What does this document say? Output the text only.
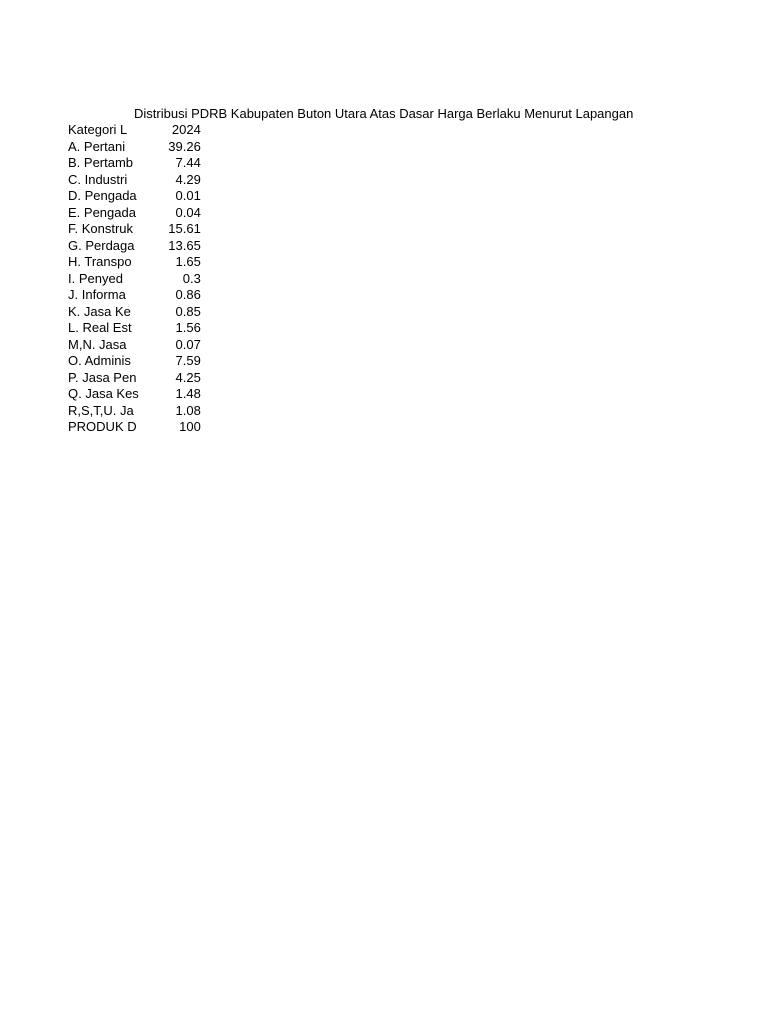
Distribusi PDRB Kabupaten Buton Utara Atas Dasar Harga Berlaku Menurut Lapangan
Kategori L	2024
A. Pertani	39.26
B. Pertamb	7.44
C. Industri	4.29
D. Pengada	0.01
E. Pengada	0.04
F. Konstruk	15.61
G. Perdaga	13.65
H. Transpo	1.65
I. Penyed	0.3
J. Informa	0.86
K. Jasa Ke	0.85
L. Real Est	1.56
M,N. Jasa	0.07
O. Adminis	7.59
P. Jasa Pen	4.25
Q. Jasa Kes	1.48
R,S,T,U. Ja	1.08
PRODUK D	100
